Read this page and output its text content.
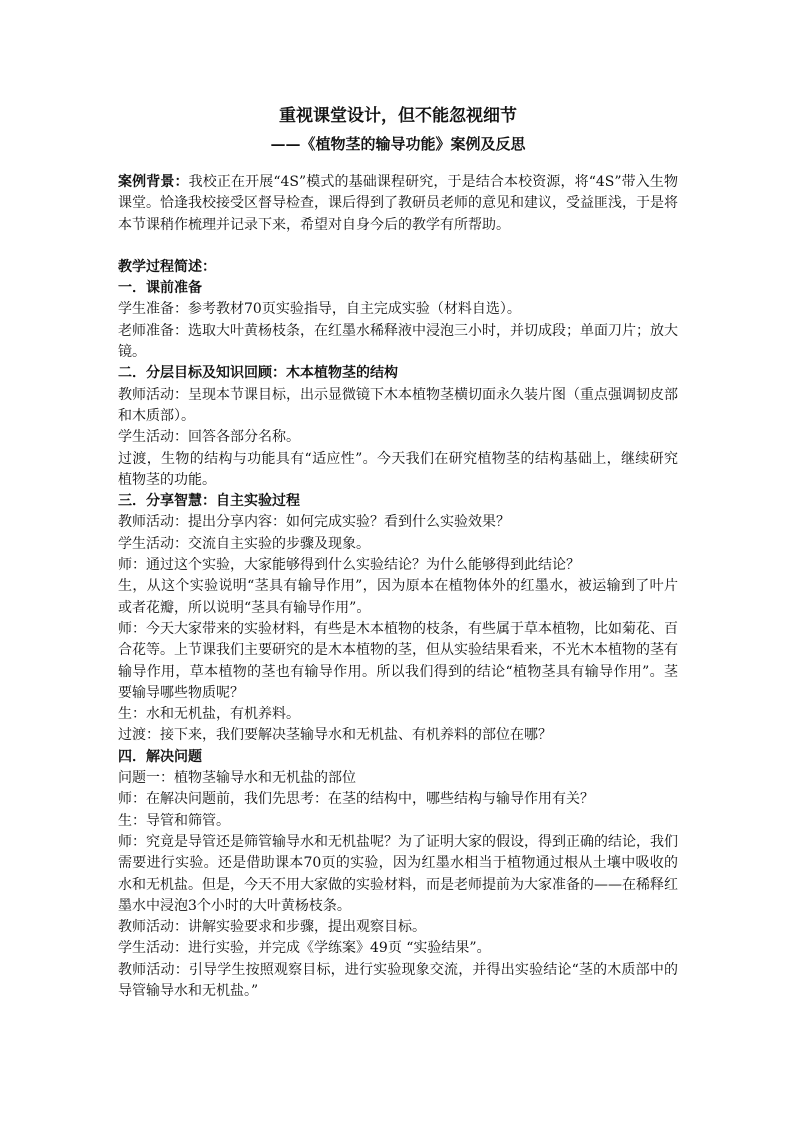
重视课堂设计，但不能忽视细节

——《植物茎的输导功能》案例及反思

案例背景：我校正在开展“4S”模式的基础课程研究，于是结合本校资源，将“4S”带入生物课堂。恰逢我校接受区督导检查，课后得到了教研员老师的意见和建议，受益匪浅，于是将本节课稍作梳理并记录下来，希望对自身今后的教学有所帮助。

教学过程简述：

一．课前准备

学生准备：参考教材70页实验指导，自主完成实验（材料自选）。

老师准备：选取大叶黄杨枝条，在红墨水稀释液中浸泡三小时，并切成段；单面刀片；放大镜。

二．分层目标及知识回顾：木本植物茎的结构

教师活动：呈现本节课目标，出示显微镜下木本植物茎横切面永久装片图（重点强调韧皮部和木质部）。

学生活动：回答各部分名称。

过渡，生物的结构与功能具有“适应性”。今天我们在研究植物茎的结构基础上，继续研究植物茎的功能。

三．分享智慧：自主实验过程

教师活动：提出分享内容：如何完成实验？看到什么实验效果？

学生活动：交流自主实验的步骤及现象。

师：通过这个实验，大家能够得到什么实验结论？为什么能够得到此结论？

生，从这个实验说明“茎具有输导作用”，因为原本在植物体外的红墨水，被运输到了叶片或者花瓣，所以说明“茎具有输导作用”。

师：今天大家带来的实验材料，有些是木本植物的枝条，有些属于草本植物，比如菊花、百合花等。上节课我们主要研究的是木本植物的茎，但从实验结果看来，不光木本植物的茎有输导作用，草本植物的茎也有输导作用。所以我们得到的结论“植物茎具有输导作用”。茎要输导哪些物质呢？

生：水和无机盐，有机养料。

过渡：接下来，我们要解决茎输导水和无机盐、有机养料的部位在哪？

四．解决问题

问题一：植物茎输导水和无机盐的部位

师：在解决问题前，我们先思考：在茎的结构中，哪些结构与输导作用有关？

生：导管和筛管。

师：究竟是导管还是筛管输导水和无机盐呢？为了证明大家的假设，得到正确的结论，我们需要进行实验。还是借助课本70页的实验，因为红墨水相当于植物通过根从土壤中吸收的水和无机盐。但是，今天不用大家做的实验材料，而是老师提前为大家准备的——在稀释红墨水中浸泡3个小时的大叶黄杨枝条。

教师活动：讲解实验要求和步骤，提出观察目标。

学生活动：进行实验，并完成《学练案》49页 “实验结果”。

教师活动：引导学生按照观察目标，进行实验现象交流，并得出实验结论“茎的木质部中的导管输导水和无机盐。”
